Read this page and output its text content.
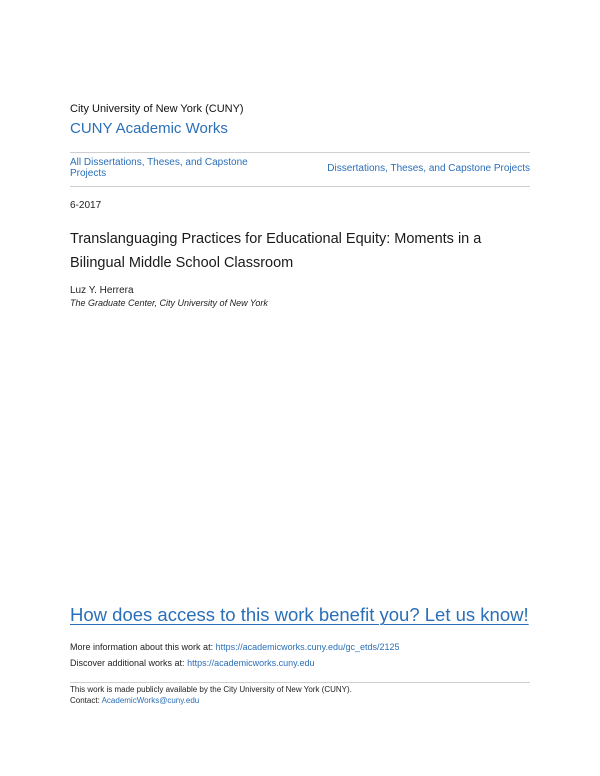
City University of New York (CUNY)
CUNY Academic Works
All Dissertations, Theses, and Capstone Projects	Dissertations, Theses, and Capstone Projects
6-2017
Translanguaging Practices for Educational Equity: Moments in a Bilingual Middle School Classroom
Luz Y. Herrera
The Graduate Center, City University of New York
How does access to this work benefit you? Let us know!
More information about this work at: https://academicworks.cuny.edu/gc_etds/2125
Discover additional works at: https://academicworks.cuny.edu
This work is made publicly available by the City University of New York (CUNY).
Contact: AcademicWorks@cuny.edu
